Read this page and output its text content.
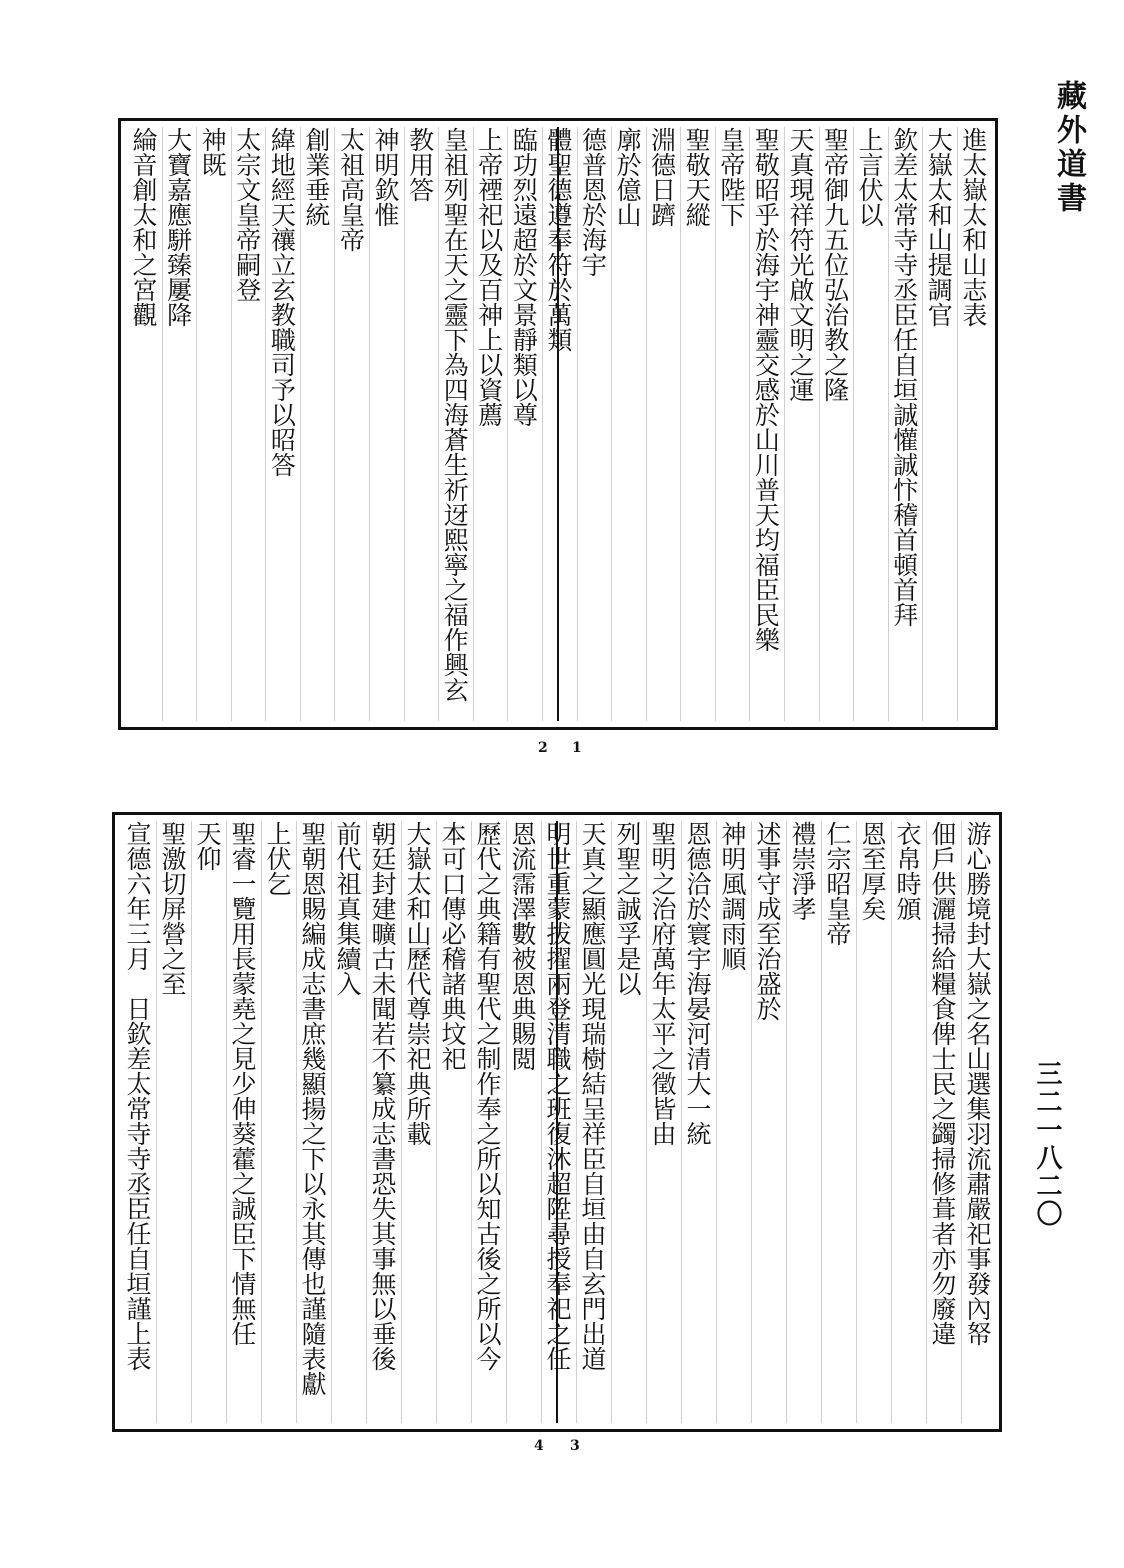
藏外道書
三二一八二〇
進太嶽太和山志表
大嶽太和山提調官
欽差太常寺寺丞臣任自垣誠懽誠忭稽首頓首拜
上言伏以
聖帝御九五位弘治教之隆
天真現祥符光啟文明之運
聖敬昭乎於海宇神靈交感於山川普天均福臣民樂
皇帝陛下
聖敬天縱
淵德日躋
廓於億山
德普恩於海宇
體聖德遵奉符於萬類
臨功烈遠超於文景靜類以尊
上帝禋祀以及百神上以資薦
皇祖列聖在天之靈下為四海蒼生祈迓熙寧之福作興玄
教用答
神明欽惟
太祖高皇帝
創業垂統
緯地經天禳立玄教職司予以昭答
太宗文皇帝嗣登
神既
大寶嘉應駢臻屢降
綸音創太和之宮觀
2 1
游心勝境封大嶽之名山選集羽流肅嚴祀事發內帑
佃戶供灑掃給糧食俾士民之蠲掃修葺者亦勿廢違
衣帛時頒
恩至厚矣
仁宗昭皇帝
禮崇淨孝
述事守成至治盛於
神明風調雨順
恩德洽於寰宇海晏河清大一統
聖明之治府萬年太平之徵皆由
列聖之誠孚是以
天真之顯應圓光現瑞樹結呈祥臣自垣由自玄門出道
明世重蒙拔擢兩登清職之班復沐超陞尋授奉祀之任
恩流霈澤數被恩典賜閲
歷代之典籍有聖代之制作奉之所以知古後之所以今
本可口傳必稽諸典坟祀
大嶽太和山歷代尊崇祀典所載
朝廷封建曠古未聞若不纂成志書恐失其事無以垂後
前代祖真集續入
聖朝恩賜編成志書庶幾顯揚之下以永其傳也謹隨表獻
上伏乞
聖睿一覽用長蒙堯之見少伸葵藿之誠臣下情無任
天仰
聖激切屏營之至
宣德六年三月　日欽差太常寺寺丞臣任自垣謹上表
4 3
